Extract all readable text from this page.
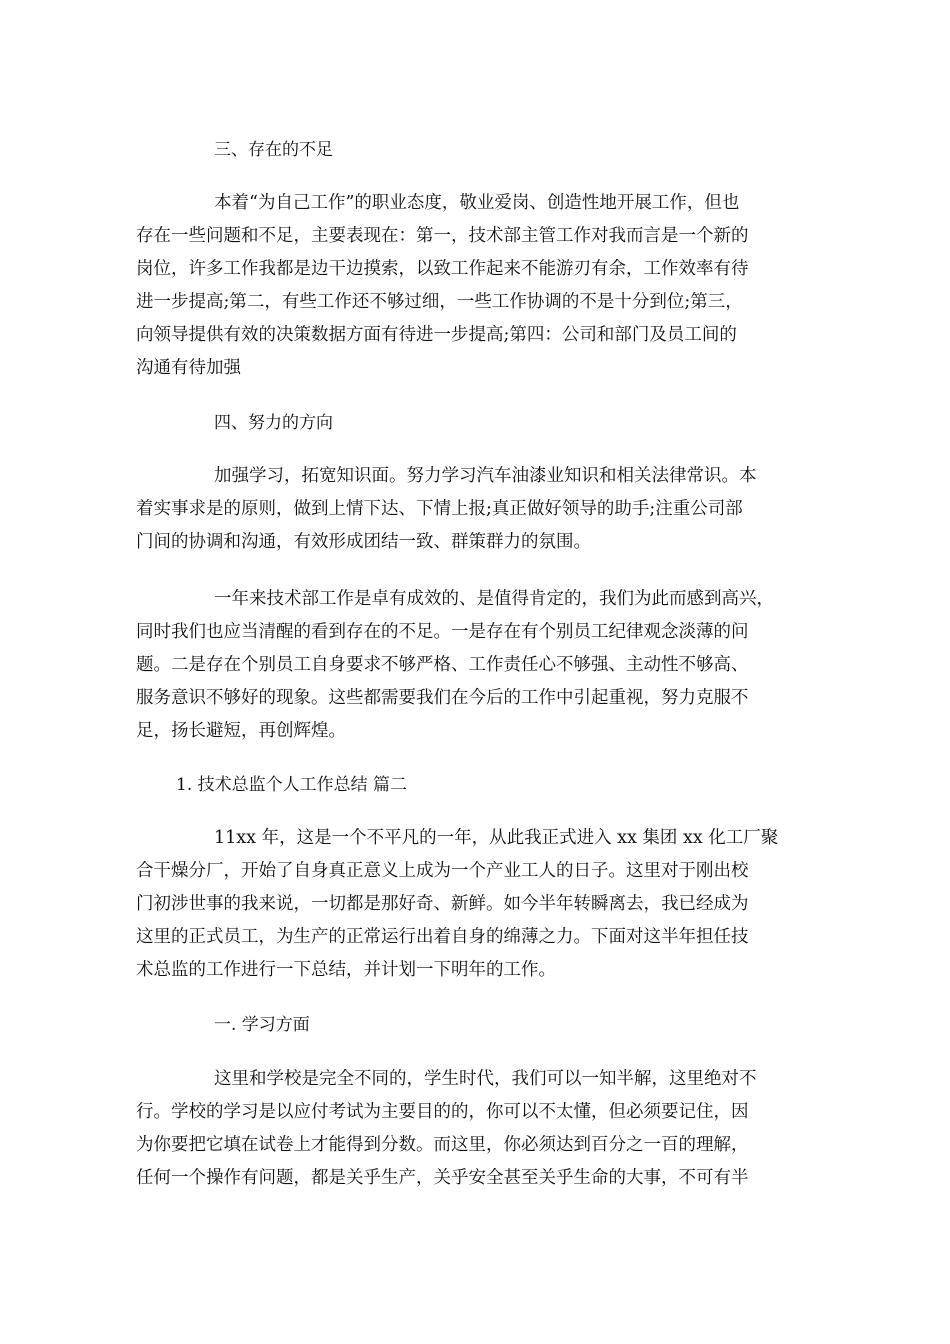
三、存在的不足
本着“为自己工作”的职业态度，敬业爱岗、创造性地开展工作，但也
存在一些问题和不足，主要表现在：第一，技术部主管工作对我而言是一个新的
岗位，许多工作我都是边干边摸索，以致工作起来不能游刃有余，工作效率有待
进一步提高;第二，有些工作还不够过细，一些工作协调的不是十分到位;第三，
向领导提供有效的决策数据方面有待进一步提高;第四：公司和部门及员工间的
沟通有待加强
四、努力的方向
加强学习，拓宽知识面。努力学习汽车油漆业知识和相关法律常识。本
着实事求是的原则，做到上情下达、下情上报;真正做好领导的助手;注重公司部
门间的协调和沟通，有效形成团结一致、群策群力的氛围。
一年来技术部工作是卓有成效的、是值得肯定的，我们为此而感到高兴，
同时我们也应当清醒的看到存在的不足。一是存在有个别员工纪律观念淡薄的问
题。二是存在个别员工自身要求不够严格、工作责任心不够强、主动性不够高、
服务意识不够好的现象。这些都需要我们在今后的工作中引起重视，努力克服不
足，扬长避短，再创辉煌。
1. 技术总监个人工作总结 篇二
11xx 年，这是一个不平凡的一年，从此我正式进入 xx 集团 xx 化工厂聚
合干燥分厂，开始了自身真正意义上成为一个产业工人的日子。这里对于刚出校
门初涉世事的我来说，一切都是那好奇、新鲜。如今半年转瞬离去，我已经成为
这里的正式员工，为生产的正常运行出着自身的绵薄之力。下面对这半年担任技
术总监的工作进行一下总结，并计划一下明年的工作。
一. 学习方面
这里和学校是完全不同的，学生时代，我们可以一知半解，这里绝对不
行。学校的学习是以应付考试为主要目的的，你可以不太懂，但必须要记住，因
为你要把它填在试卷上才能得到分数。而这里，你必须达到百分之一百的理解，
任何一个操作有问题，都是关乎生产，关乎安全甚至关乎生命的大事，不可有半
